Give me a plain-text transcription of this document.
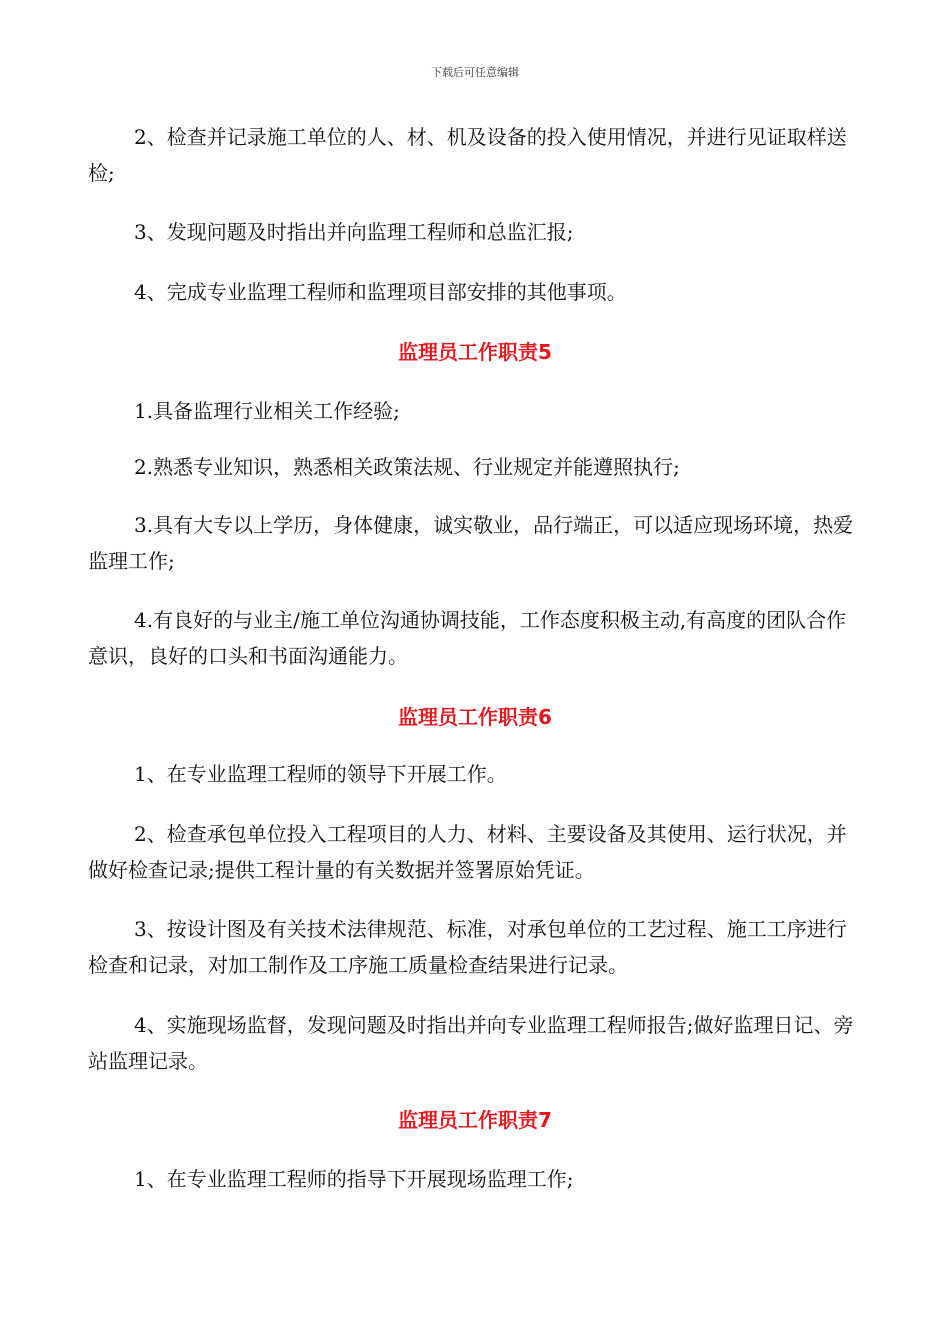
下载后可任意编辑

2、检查并记录施工单位的人、材、机及设备的投入使用情况，并进行见证取样送检;

3、发现问题及时指出并向监理工程师和总监汇报;

4、完成专业监理工程师和监理项目部安排的其他事项。

监理员工作职责5

1.具备监理行业相关工作经验;

2.熟悉专业知识，熟悉相关政策法规、行业规定并能遵照执行;

3.具有大专以上学历，身体健康，诚实敬业，品行端正，可以适应现场环境，热爱监理工作;

4.有良好的与业主/施工单位沟通协调技能，工作态度积极主动,有高度的团队合作意识，良好的口头和书面沟通能力。

监理员工作职责6

1、在专业监理工程师的领导下开展工作。

2、检查承包单位投入工程项目的人力、材料、主要设备及其使用、运行状况，并做好检查记录;提供工程计量的有关数据并签署原始凭证。

3、按设计图及有关技术法律规范、标准，对承包单位的工艺过程、施工工序进行检查和记录，对加工制作及工序施工质量检查结果进行记录。

4、实施现场监督，发现问题及时指出并向专业监理工程师报告;做好监理日记、旁站监理记录。

监理员工作职责7

1、在专业监理工程师的指导下开展现场监理工作;
